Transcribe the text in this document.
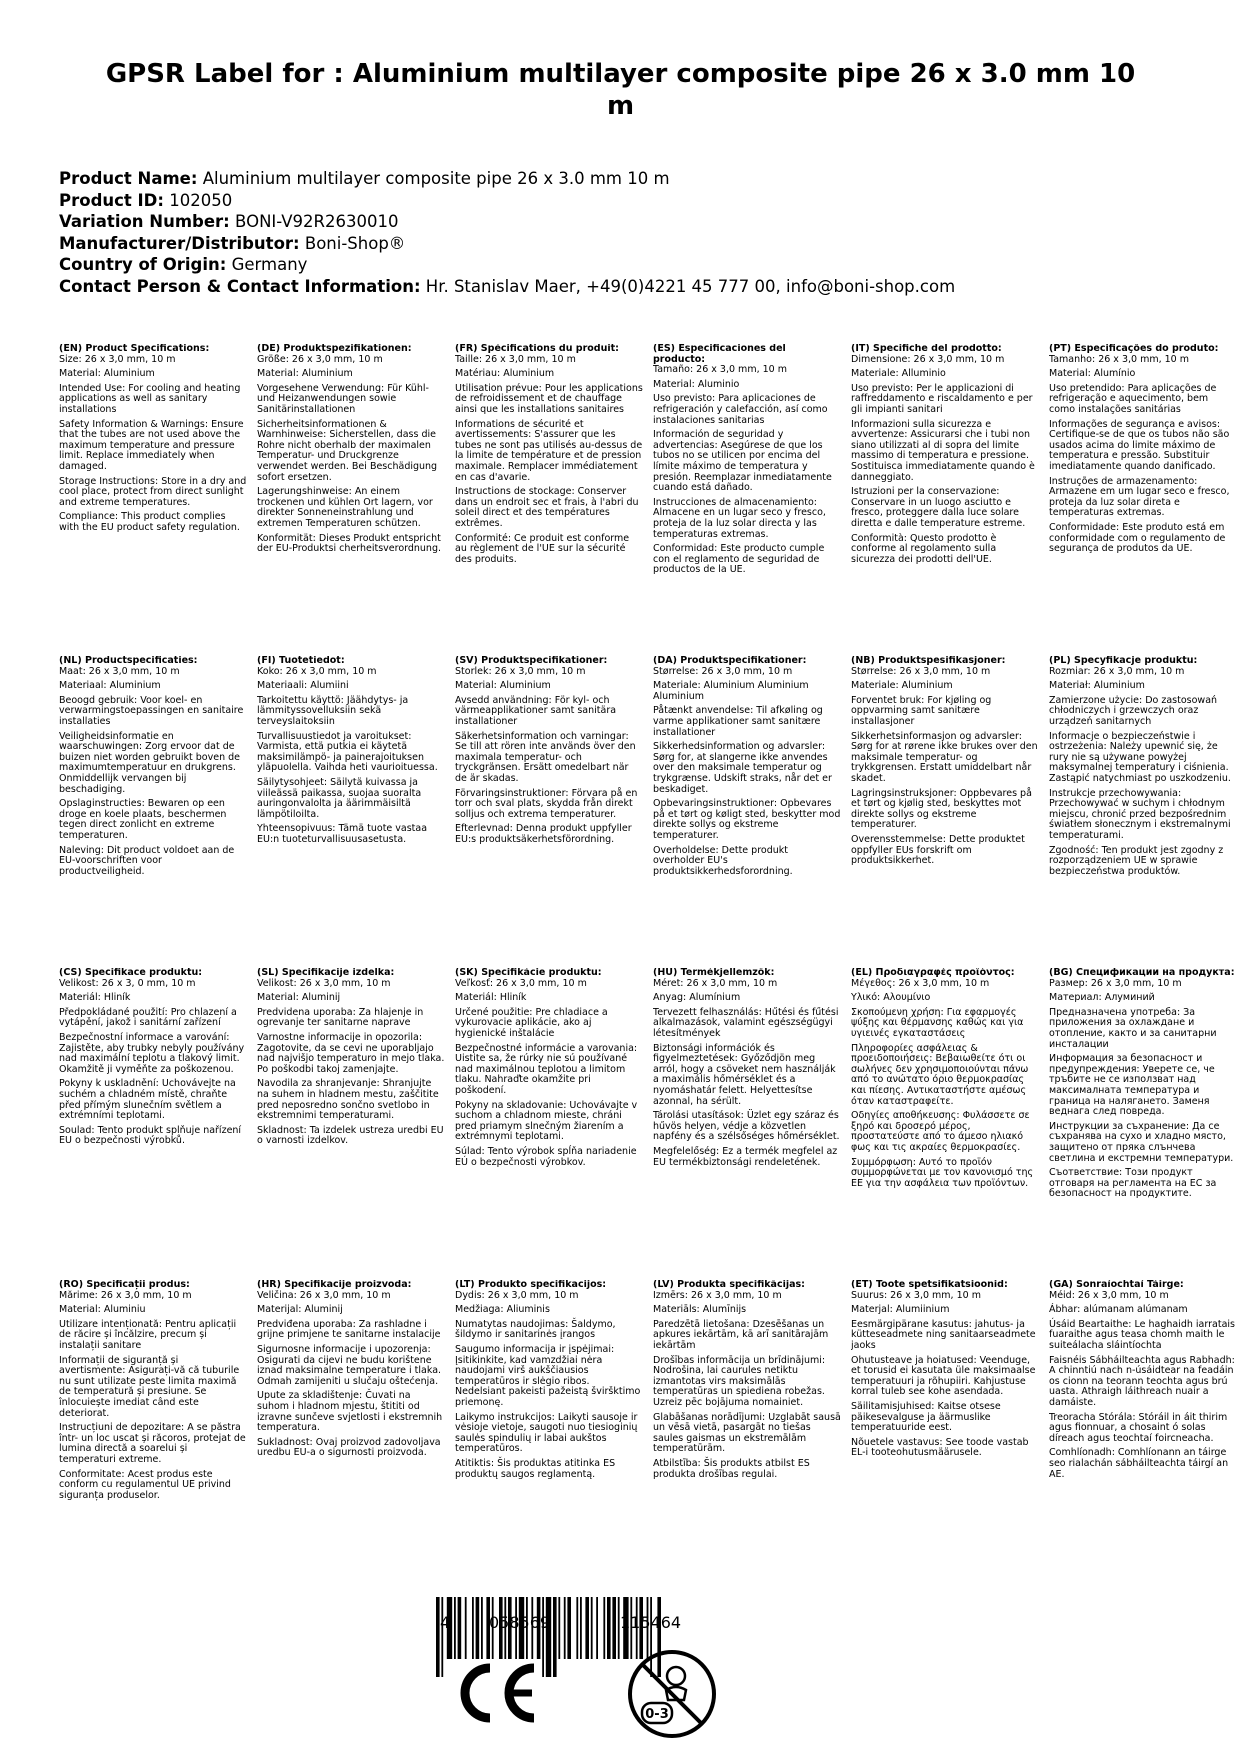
GPSR Label for : Aluminium multilayer composite pipe 26 x 3.0 mm 10 m
Product Name: Aluminium multilayer composite pipe 26 x 3.0 mm 10 m
Product ID: 102050
Variation Number: BONI-V92R2630010
Manufacturer/Distributor: Boni-Shop®
Country of Origin: Germany
Contact Person & Contact Information: Hr. Stanislav Maer, +49(0)4221 45 777 00, info@boni-shop.com
(EN) Product Specifications:

Size: 26 x 3,0 mm, 10 m

Material: Aluminium

Intended Use: For cooling and heating applications as well as sanitary installations

Safety Information & Warnings: Ensure that the tubes are not used above the maximum temperature and pressure limit. Replace immediately when damaged.

Storage Instructions: Store in a dry and cool place, protect from direct sunlight and extreme temperatures.

Compliance: This product complies with the EU product safety regulation.

(DE) Produktspezifikationen:

Größe: 26 x 3,0 mm, 10 m

Material: Aluminium

Vorgesehene Verwendung: Für Kühl- und Heizanwendungen sowie Sanitärinstallationen

Sicherheitsinformationen & Warnhinweise: Sicherstellen, dass die Rohre nicht oberhalb der maximalen Temperatur- und Druckgrenze verwendet werden. Bei Beschädigung sofort ersetzen.

Lagerungshinweise: An einem trockenen und kühlen Ort lagern, vor direkter Sonneneinstrahlung und extremen Temperaturen schützen.

Konformität: Dieses Produkt entspricht der EU-Produktsi cherheitsverordnung.

(FR) Spécifications du produit:

Taille: 26 x 3,0 mm, 10 m

Matériau: Aluminium

Utilisation prévue: Pour les applications de refroidissement et de chauffage ainsi que les installations sanitaires

Informations de sécurité et avertissements: S'assurer que les tubes ne sont pas utilisés au-dessus de la limite de température et de pression maximale. Remplacer immédiatement en cas d'avarie.

Instructions de stockage: Conserver dans un endroit sec et frais, à l'abri du soleil direct et des températures extrêmes.

Conformité: Ce produit est conforme au règlement de l'UE sur la sécurité des produits.

(ES) Especificaciones del producto:

Tamaño: 26 x 3,0 mm, 10 m

Material: Aluminio

Uso previsto: Para aplicaciones de refrigeración y calefacción, así como instalaciones sanitarias

Información de seguridad y advertencias: Asegúrese de que los tubos no se utilicen por encima del límite máximo de temperatura y presión. Reemplazar inmediatamente cuando está dañado.

Instrucciones de almacenamiento: Almacene en un lugar seco y fresco, proteja de la luz solar directa y las temperaturas extremas.

Conformidad: Este producto cumple con el reglamento de seguridad de productos de la UE.

(IT) Specifiche del prodotto:

Dimensione: 26 x 3,0 mm, 10 m

Materiale: Alluminio

Uso previsto: Per le applicazioni di raffreddamento e riscaldamento e per gli impianti sanitari

Informazioni sulla sicurezza e avvertenze: Assicurarsi che i tubi non siano utilizzati al di sopra del limite massimo di temperatura e pressione. Sostituisca immediatamente quando è danneggiato.

Istruzioni per la conservazione: Conservare in un luogo asciutto e fresco, proteggere dalla luce solare diretta e dalle temperature estreme.

Conformità: Questo prodotto è conforme al regolamento sulla sicurezza dei prodotti dell'UE.

(PT) Especificações do produto:

Tamanho: 26 x 3,0 mm, 10 m

Material: Alumínio

Uso pretendido: Para aplicações de refrigeração e aquecimento, bem como instalações sanitárias

Informações de segurança e avisos: Certifique-se de que os tubos não são usados acima do limite máximo de temperatura e pressão. Substituir imediatamente quando danificado.

Instruções de armazenamento: Armazene em um lugar seco e fresco, proteja da luz solar direta e temperaturas extremas.

Conformidade: Este produto está em conformidade com o regulamento de segurança de produtos da UE.

(NL) Productspecificaties:

Maat: 26 x 3,0 mm, 10 m

Materiaal: Aluminium

Beoogd gebruik: Voor koel- en verwarmingstoepassingen en sanitaire installaties

Veiligheidsinformatie en waarschuwingen: Zorg ervoor dat de buizen niet worden gebruikt boven de maximumtemperatuur en drukgrens. Onmiddellijk vervangen bij beschadiging.

Opslaginstructies: Bewaren op een droge en koele plaats, beschermen tegen direct zonlicht en extreme temperaturen.

Naleving: Dit product voldoet aan de EU-voorschriften voor productveiligheid.

(FI) Tuotetiedot:

Koko: 26 x 3,0 mm, 10 m

Materiaali: Alumiini

Tarkoitettu käyttö: Jäähdytys- ja lämmityssovelluksiin sekä terveyslaitoksiin

Turvallisuustiedot ja varoitukset: Varmista, että putkia ei käytetä maksimilämpö- ja painerajoituksen yläpuolella. Vaihda heti vaurioituessa.

Säilytysohjeet: Säilytä kuivassa ja viileässä paikassa, suojaa suoralta auringonvalolta ja äärimmäisiltä lämpötiloilta.

Yhteensopivuus: Tämä tuote vastaa EU:n tuoteturvallisuusasetusta.

(SV) Produktspecifikationer:

Storlek: 26 x 3,0 mm, 10 m

Material: Aluminium

Avsedd användning: För kyl- och värmeapplikationer samt sanitära installationer

Säkerhetsinformation och varningar: Se till att rören inte används över den maximala temperatur- och tryckgränsen. Ersätt omedelbart när de är skadas.

Förvaringsinstruktioner: Förvara på en torr och sval plats, skydda från direkt solljus och extrema temperaturer.

Efterlevnad: Denna produkt uppfyller EU:s produktsäkerhetsförordning.

(DA) Produktspecifikationer:

Størrelse: 26 x 3,0 mm, 10 m

Materiale: Aluminium Aluminium Aluminium

Påtænkt anvendelse: Til afkøling og varme applikationer samt sanitære installationer

Sikkerhedsinformation og advarsler: Sørg for, at slangerne ikke anvendes over den maksimale temperatur og trykgrænse. Udskift straks, når det er beskadiget.

Opbevaringsinstruktioner: Opbevares på et tørt og køligt sted, beskytter mod direkte sollys og ekstreme temperaturer.

Overholdelse: Dette produkt overholder EU's produktsikkerhedsforordning.

(NB) Produktspesifikasjoner:

Størrelse: 26 x 3,0 mm, 10 m

Materiale: Aluminium

Forventet bruk: For kjøling og oppvarming samt sanitære installasjoner

Sikkerhetsinformasjon og advarsler: Sørg for at rørene ikke brukes over den maksimale temperatur- og trykkgrensen. Erstatt umiddelbart når skadet.

Lagringsinstruksjoner: Oppbevares på et tørt og kjølig sted, beskyttes mot direkte sollys og ekstreme temperaturer.

Overensstemmelse: Dette produktet oppfyller EUs forskrift om produktsikkerhet.

(PL) Specyfikacje produktu:

Rozmiar: 26 x 3,0 mm, 10 m

Materiał: Aluminium

Zamierzone użycie: Do zastosowań chłodniczych i grzewczych oraz urządzeń sanitarnych

Informacje o bezpieczeństwie i ostrzeżenia: Należy upewnić się, że rury nie są używane powyżej maksymalnej temperatury i ciśnienia. Zastąpić natychmiast po uszkodzeniu.

Instrukcje przechowywania: Przechowywać w suchym i chłodnym miejscu, chronić przed bezpośrednim światłem słonecznym i ekstremalnymi temperaturami.

Zgodność: Ten produkt jest zgodny z rozporządzeniem UE w sprawie bezpieczeństwa produktów.

(CS) Specifikace produktu:

Velikost: 26 x 3, 0 mm, 10 m

Materiál: Hliník

Předpokládané použití: Pro chlazení a vytápění, jakož i sanitární zařízení

Bezpečnostní informace a varování: Zajistěte, aby trubky nebyly používány nad maximální teplotu a tlakový limit. Okamžitě ji vyměňte za poškozenou.

Pokyny k uskladnění: Uchovávejte na suchém a chladném místě, chraňte před přímým slunečním světlem a extrémními teplotami.

Soulad: Tento produkt splňuje nařízení EU o bezpečnosti výrobků.

(SL) Specifikacije izdelka:

Velikost: 26 x 3,0 mm, 10 m

Material: Aluminij

Predvidena uporaba: Za hlajenje in ogrevanje ter sanitarne naprave

Varnostne informacije in opozorila: Zagotovite, da se cevi ne uporabljajo nad najvišjo temperaturo in mejo tlaka. Po poškodbi takoj zamenjajte.

Navodila za shranjevanje: Shranjujte na suhem in hladnem mestu, zaščitite pred neposredno sončno svetlobo in ekstremnimi temperaturami.

Skladnost: Ta izdelek ustreza uredbi EU o varnosti izdelkov.

(SK) Špecifikácie produktu:

Veľkosť: 26 x 3,0 mm, 10 m

Materiál: Hliník

Určené použitie: Pre chladiace a vykurovacie aplikácie, ako aj hygienické inštalácie

Bezpečnostné informácie a varovania: Uistite sa, že rúrky nie sú používané nad maximálnou teplotou a limitom tlaku. Nahraďte okamžite pri poškodení.

Pokyny na skladovanie: Uchovávajte v suchom a chladnom mieste, chráni pred priamym slnečným žiarením a extrémnymi teplotami.

Súlad: Tento výrobok spĺňa nariadenie EÚ o bezpečnosti výrobkov.

(HU) Termékjellemzők:

Méret: 26 x 3,0 mm, 10 m

Anyag: Alumínium

Tervezett felhasználás: Hűtési és fűtési alkalmazások, valamint egészségügyi létesítmények

Biztonsági információk és figyelmeztetések: Győződjön meg arról, hogy a csöveket nem használják a maximális hőmérséklet és a nyomáshatár felett. Helyettesítse azonnal, ha sérült.

Tárolási utasítások: Üzlet egy száraz és hűvös helyen, védje a közvetlen napfény és a szélsőséges hőmérséklet.

Megfelelőség: Ez a termék megfelel az EU termékbiztonsági rendeletének.

(EL) Προδιαγραφές προϊόντος:

Μέγεθος: 26 x 3,0 mm, 10 m

Υλικό: Αλουμίνιο

Σκοπούμενη χρήση: Για εφαρμογές ψύξης και θέρμανσης καθώς και για υγιεινές εγκαταστάσεις

Πληροφορίες ασφάλειας & προειδοποιήσεις: Βεβαιωθείτε ότι οι σωλήνες δεν χρησιμοποιούνται πάνω από το ανώτατο όριο θερμοκρασίας και πίεσης. Αντικαταστήστε αμέσως όταν καταστραφείτε.

Οδηγίες αποθήκευσης: Φυλάσσετε σε ξηρό και δροσερό μέρος, προστατεύστε από το άμεσο ηλιακό φως και τις ακραίες θερμοκρασίες.

Συμμόρφωση: Αυτό το προϊόν συμμορφώνεται με τον κανονισμό της ΕΕ για την ασφάλεια των προϊόντων.

(BG) Спецификации на продукта:

Размер: 26 x 3,0 mm, 10 m

Материал: Алуминий

Предназначена употреба: За приложения за охлаждане и отопление, както и за санитарни инсталации

Информация за безопасност и предупреждения: Уверете се, че тръбите не се използват над максималната температура и граница на налягането. Заменя веднага след повреда.

Инструкции за съхранение: Да се съхранява на сухо и хладно място, защитено от пряка слънчева светлина и екстремни температури.

Съответствие: Този продукт отговаря на регламента на ЕС за безопасност на продуктите.

(RO) Specificații produs:

Mărime: 26 x 3,0 mm, 10 m

Material: Aluminiu

Utilizare intenționată: Pentru aplicații de răcire și încălzire, precum și instalații sanitare

Informații de siguranță și avertismente: Asigurați-vă că tuburile nu sunt utilizate peste limita maximă de temperatură și presiune. Se înlocuiește imediat când este deteriorat.

Instrucțiuni de depozitare: A se păstra într- un loc uscat și răcoros, protejat de lumina directă a soarelui și temperaturi extreme.

Conformitate: Acest produs este conform cu regulamentul UE privind siguranța produselor.

(HR) Specifikacije proizvoda:

Veličina: 26 x 3,0 mm, 10 m

Materijal: Aluminij

Predviđena uporaba: Za rashladne i grijne primjene te sanitarne instalacije

Sigurnosne informacije i upozorenja: Osigurati da cijevi ne budu korištene iznad maksimalne temperature i tlaka. Odmah zamijeniti u slučaju oštećenja.

Upute za skladištenje: Čuvati na suhom i hladnom mjestu, štititi od izravne sunčeve svjetlosti i ekstremnih temperatura.

Sukladnost: Ovaj proizvod zadovoljava uredbu EU-a o sigurnosti proizvoda.

(LT) Produkto specifikacijos:

Dydis: 26 x 3,0 mm, 10 m

Medžiaga: Aliuminis

Numatytas naudojimas: Šaldymo, šildymo ir sanitarinės įrangos

Saugumo informacija ir įspėjimai: Įsitikinkite, kad vamzdžiai nėra naudojami virš aukščiausios temperatūros ir slėgio ribos. Nedelsiant pakeisti pažeistą šviršktimo priemonę.

Laikymo instrukcijos: Laikyti sausoje ir vėsioje vietoje, saugoti nuo tiesioginių saulės spindulių ir labai aukštos temperatūros.

Atitiktis: Šis produktas atitinka ES produktų saugos reglamentą.

(LV) Produkta specifikācijas:

Izmērs: 26 x 3,0 mm, 10 m

Materiāls: Alumīnijs

Paredzētā lietošana: Dzesēšanas un apkures iekārtām, kā arī sanitārajām iekārtām

Drošības informācija un brīdinājumi: Nodrošina, lai caurules netiktu izmantotas virs maksimālās temperatūras un spiediena robežas. Uzreiz pēc bojājuma nomainiet.

Glabāšanas norādījumi: Uzglabāt sausā un vēsā vietā, pasargāt no tiešas saules gaismas un ekstremālām temperatūrām.

Atbilstība: Šis produkts atbilst ES produkta drošības regulai.

(ET) Toote spetsifikatsioonid:

Suurus: 26 x 3,0 mm, 10 m

Materjal: Alumiinium

Eesmärgipärane kasutus: jahutus- ja kütteseadmete ning sanitaarseadmete jaoks

Ohutusteave ja hoiatused: Veenduge, et torusid ei kasutata üle maksimaalse temperatuuri ja rõhupiiri. Kahjustuse korral tuleb see kohe asendada.

Säilitamisjuhised: Kaitse otsese päikesevalguse ja äärmuslike temperatuuride eest.

Nõuetele vastavus: See toode vastab EL-i tooteohutusmäärusele.

(GA) Sonraíochtaí Táirge:

Méid: 26 x 3,0 mm, 10 m

Ábhar: alúmanam alúmanam

Úsáid Beartaithe: Le haghaidh iarratais fuaraithe agus teasa chomh maith le suiteálacha sláintíochta

Faisnéis Sábháilteachta agus Rabhadh: A chinntiú nach n-úsáidtear na feadáin os cionn na teorann teochta agus brú uasta. Athraigh láithreach nuair a damáiste.

Treoracha Stórála: Stóráil in áit thirim agus fionnuar, a chosaint ó solas díreach agus teochtaí foircneacha.

Comhlíonadh: Comhlíonann an táirge seo rialachán sábháilteachta táirgí an AE.

4 058569	115464
0-3
